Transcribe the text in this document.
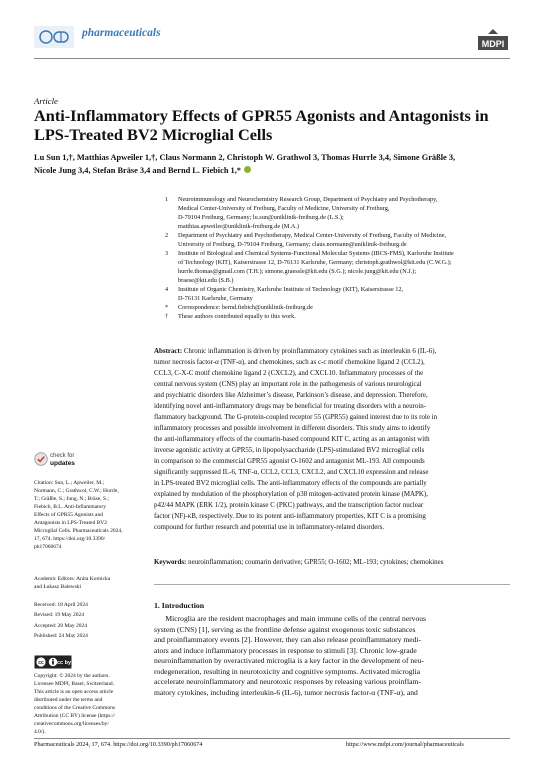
pharmaceuticals
MDPI
Article
Anti-Inflammatory Effects of GPR55 Agonists and Antagonists in LPS-Treated BV2 Microglial Cells
Lu Sun 1,†, Matthias Apweiler 1,†, Claus Normann 2, Christoph W. Grathwol 3, Thomas Hurrle 3,4, Simone Gräßle 3,
Nicole Jung 3,4, Stefan Bräse 3,4 and Bernd L. Fiebich 1,*
1 Neuroimmunology and Neurochemistry Research Group, Department of Psychiatry and Psychotherapy,
Medical Center-University of Freiburg, Faculty of Medicine, University of Freiburg,
D-79104 Freiburg, Germany; lu.sun@uniklinik-freiburg.de (L.S.);
matthias.apweiler@uniklinik-freiburg.de (M.A.)
2 Department of Psychiatry and Psychotherapy, Medical Center-University of Freiburg, Faculty of Medicine,
University of Freiburg, D-79104 Freiburg, Germany; claus.normann@uniklinik-freiburg.de
3 Institute of Biological and Chemical Systems-Functional Molecular Systems (IBCS-FMS), Karlsruhe Institute
of Technology (KIT), Kaiserstrasse 12, D-76131 Karlsruhe, Germany; christoph.grathwol@kit.edu (C.W.G.);
hurrle.thomas@gmail.com (T.H.); simone.graessle@kit.edu (S.G.); nicole.jung@kit.edu (N.J.);
braese@kit.edu (S.B.)
4 Institute of Organic Chemistry, Karlsruhe Institute of Technology (KIT), Kaiserstrasse 12,
D-76131 Karlsruhe, Germany
* Correspondence: bernd.fiebich@uniklinik-freiburg.de
† These authors contributed equally to this work.
Abstract: Chronic inflammation is driven by proinflammatory cytokines such as interleukin 6 (IL-6),
tumor necrosis factor-α (TNF-α), and chemokines, such as c-c motif chemokine ligand 2 (CCL2),
CCL3, C-X-C motif chemokine ligand 2 (CXCL2), and CXCL10. Inflammatory processes of the
central nervous system (CNS) play an important role in the pathogenesis of various neurological
and psychiatric disorders like Alzheimer’s disease, Parkinson’s disease, and depression. Therefore,
identifying novel anti-inflammatory drugs may be beneficial for treating disorders with a neuroin-
flammatory background. The G-protein-coupled receptor 55 (GPR55) gained interest due to its role in
inflammatory processes and possible involvement in different disorders. This study aims to identify
the anti-inflammatory effects of the coumarin-based compound KIT C, acting as an antagonist with
inverse agonistic activity at GPR55, in lipopolysaccharide (LPS)-stimulated BV2 microglial cells
in comparison to the commercial GPR55 agonist O-1602 and antagonist ML-193. All compounds
significantly suppressed IL-6, TNF-α, CCL2, CCL3, CXCL2, and CXCL10 expression and release
in LPS-treated BV2 microglial cells. The anti-inflammatory effects of the compounds are partially
explained by modulation of the phosphorylation of p38 mitogen-activated protein kinase (MAPK),
p42/44 MAPK (ERK 1/2), protein kinase C (PKC) pathways, and the transcription factor nuclear
factor (NF)-κB, respectively. Due to its potent anti-inflammatory properties, KIT C is a promising
compound for further research and potential use in inflammatory-related disorders.
Keywords: neuroinflammation; coumarin derivative; GPR55; O-1602; ML-193; cytokines; chemokines
check for
updates
Citation: Sun, L.; Apweiler, M.;
Normann, C.; Grathwol, C.W.; Hurrle,
T.; Gräßle, S.; Jung, N.; Bräse, S.;
Fiebich, B.L. Anti-Inflammatory
Effects of GPR55 Agonists and
Antagonists in LPS-Treated BV2
Microglial Cells. Pharmaceuticals 2024,
17, 674. https://doi.org/10.3390/
ph17060674
Academic Editors: Anita Kornicka
and Łukasz Balewski
Received: 18 April 2024
Revised: 19 May 2024
Accepted: 20 May 2024
Published: 24 May 2024
cc cc by
Copyright: © 2024 by the authors.
Licensee MDPI, Basel, Switzerland.
This article is an open access article
distributed under the terms and
conditions of the Creative Commons
Attribution (CC BY) license (https://
creativecommons.org/licenses/by/
4.0/).
1. Introduction
Microglia are the resident macrophages and main immune cells of the central nervous
system (CNS) [1], serving as the frontline defense against exogenous toxic substances
and proinflammatory events [2]. However, they can also release proinflammatory medi-
ators and induce inflammatory processes in response to stimuli [3]. Chronic low-grade
neuroinflammation by overactivated microglia is a key factor in the development of neu-
rodegeneration, resulting in neurotoxicity and cognitive symptoms. Activated microglia
accelerate neuroinflammatory and neurotoxic responses by releasing various proinflam-
matory cytokines, including interleukin-6 (IL-6), tumor necrosis factor-α (TNF-α), and
Pharmaceuticals 2024, 17, 674. https://doi.org/10.3390/ph17060674	https://www.mdpi.com/journal/pharmaceuticals
